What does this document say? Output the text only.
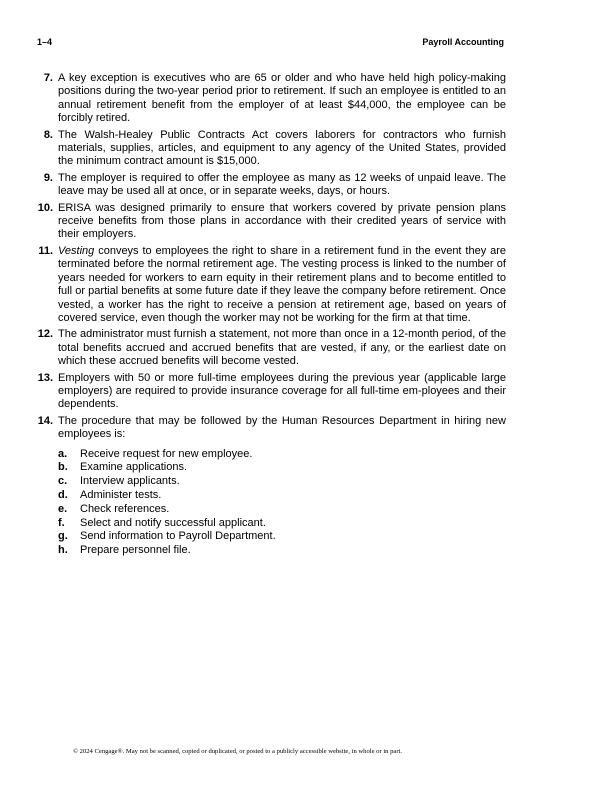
1–4	Payroll Accounting
7. A key exception is executives who are 65 or older and who have held high policy-making positions during the two-year period prior to retirement. If such an employee is entitled to an annual retirement benefit from the employer of at least $44,000, the employee can be forcibly retired.
8. The Walsh-Healey Public Contracts Act covers laborers for contractors who furnish materials, supplies, articles, and equipment to any agency of the United States, provided the minimum contract amount is $15,000.
9. The employer is required to offer the employee as many as 12 weeks of unpaid leave. The leave may be used all at once, or in separate weeks, days, or hours.
10. ERISA was designed primarily to ensure that workers covered by private pension plans receive benefits from those plans in accordance with their credited years of service with their employers.
11. Vesting conveys to employees the right to share in a retirement fund in the event they are terminated before the normal retirement age. The vesting process is linked to the number of years needed for workers to earn equity in their retirement plans and to become entitled to full or partial benefits at some future date if they leave the company before retirement. Once vested, a worker has the right to receive a pension at retirement age, based on years of covered service, even though the worker may not be working for the firm at that time.
12. The administrator must furnish a statement, not more than once in a 12-month period, of the total benefits accrued and accrued benefits that are vested, if any, or the earliest date on which these accrued benefits will become vested.
13. Employers with 50 or more full-time employees during the previous year (applicable large employers) are required to provide insurance coverage for all full-time em-ployees and their dependents.
14. The procedure that may be followed by the Human Resources Department in hiring new employees is:
a. Receive request for new employee.
b. Examine applications.
c. Interview applicants.
d. Administer tests.
e. Check references.
f. Select and notify successful applicant.
g. Send information to Payroll Department.
h. Prepare personnel file.
© 2024 Cengage®. May not be scanned, copied or duplicated, or posted to a publicly accessible website, in whole or in part.
